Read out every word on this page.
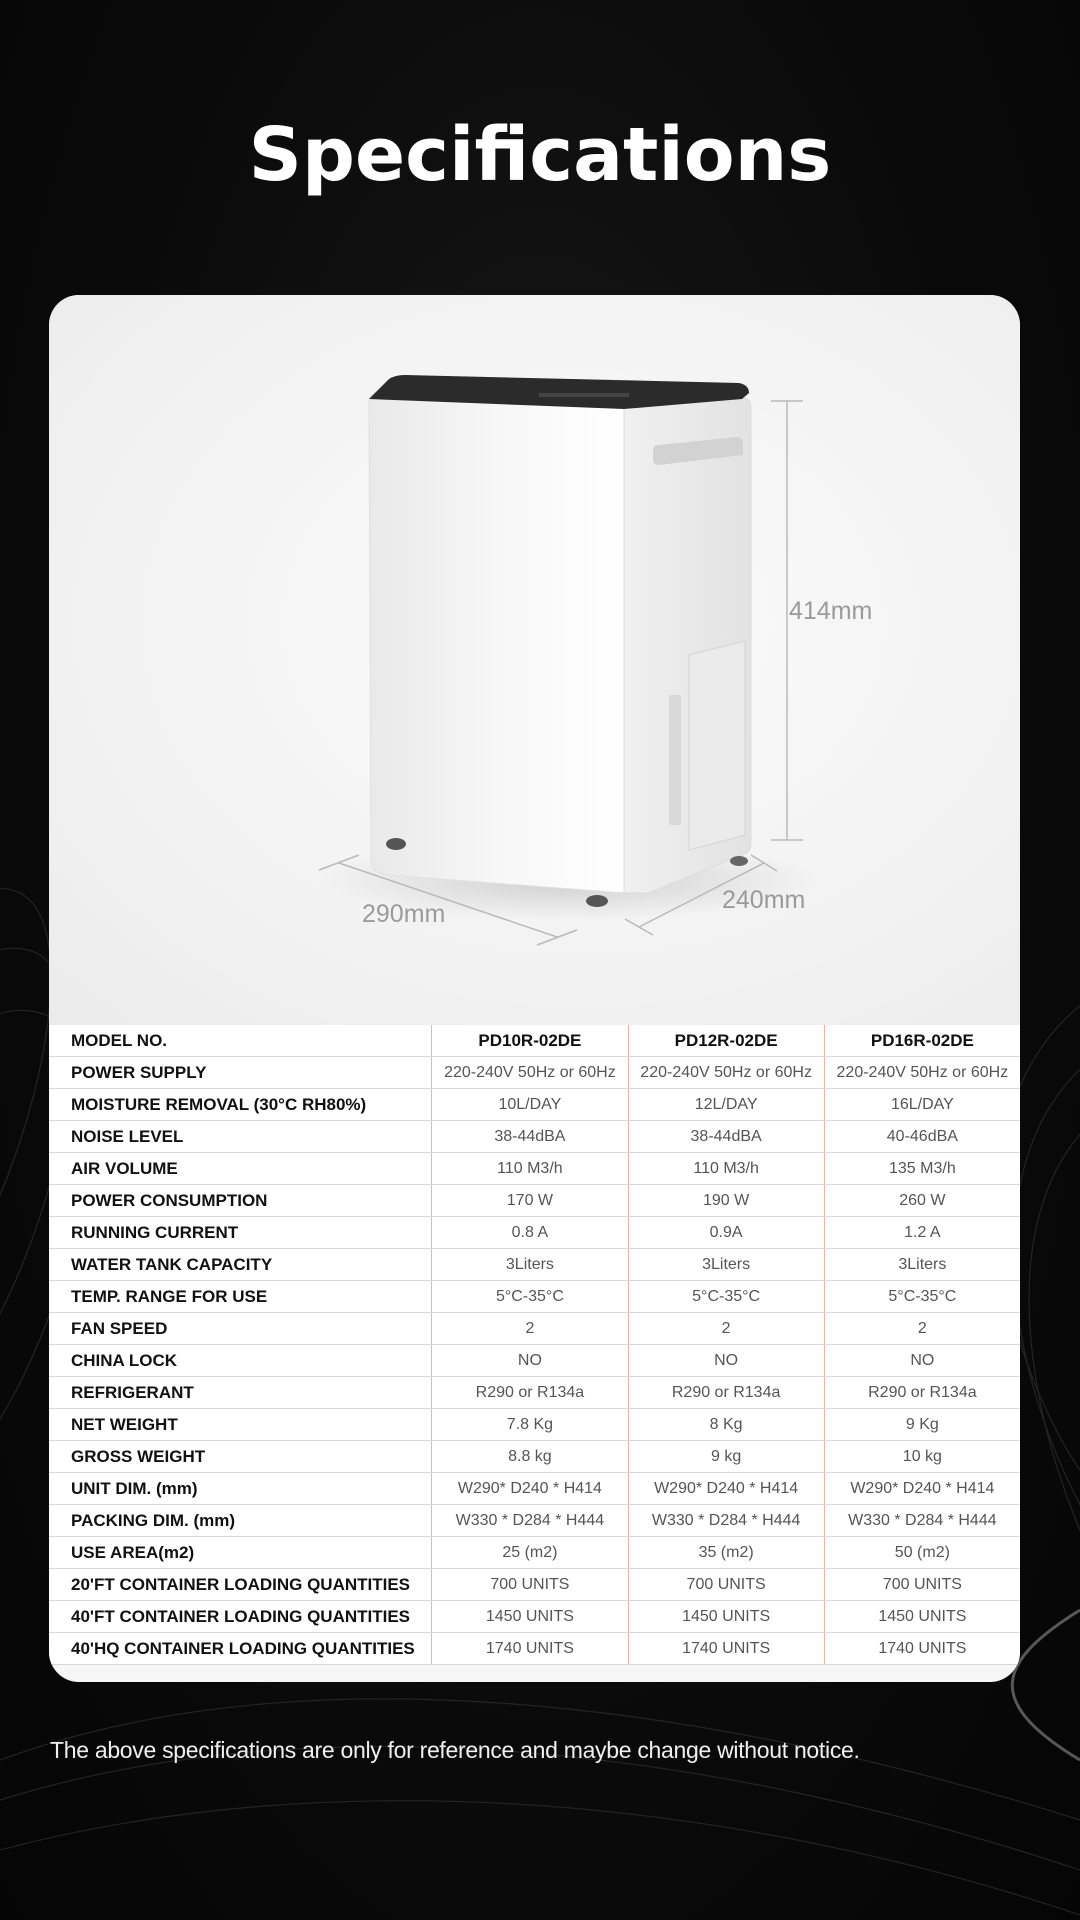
Specifications
414mm
290mm	240mm
MODEL NO.	PD10R-02DE	PD12R-02DE	PD16R-02DE
POWER SUPPLY	220-240V 50Hz or 60Hz	220-240V 50Hz or 60Hz	220-240V 50Hz or 60Hz
MOISTURE REMOVAL (30°C RH80%)	10L/DAY	12L/DAY	16L/DAY
NOISE LEVEL	38-44dBA	38-44dBA	40-46dBA
AIR VOLUME	110 M3/h	110 M3/h	135 M3/h
POWER CONSUMPTION	170 W	190 W	260 W
RUNNING CURRENT	0.8 A	0.9A	1.2 A
WATER TANK CAPACITY	3Liters	3Liters	3Liters
TEMP. RANGE FOR USE	5°C-35°C	5°C-35°C	5°C-35°C
FAN SPEED	2	2	2
CHINA LOCK	NO	NO	NO
REFRIGERANT	R290 or R134a	R290 or R134a	R290 or R134a
NET WEIGHT	7.8 Kg	8 Kg	9 Kg
GROSS WEIGHT	8.8 kg	9 kg	10 kg
UNIT DIM. (mm)	W290* D240 * H414	W290* D240 * H414	W290* D240 * H414
PACKING DIM. (mm)	W330 * D284 * H444	W330 * D284 * H444	W330 * D284 * H444
USE AREA(m2)	25 (m2)	35 (m2)	50 (m2)
20'FT CONTAINER LOADING QUANTITIES	700 UNITS	700 UNITS	700 UNITS
40'FT CONTAINER LOADING QUANTITIES	1450 UNITS	1450 UNITS	1450 UNITS
40'HQ CONTAINER LOADING QUANTITIES	1740 UNITS	1740 UNITS	1740 UNITS
The above specifications are only for reference and maybe change without notice.
